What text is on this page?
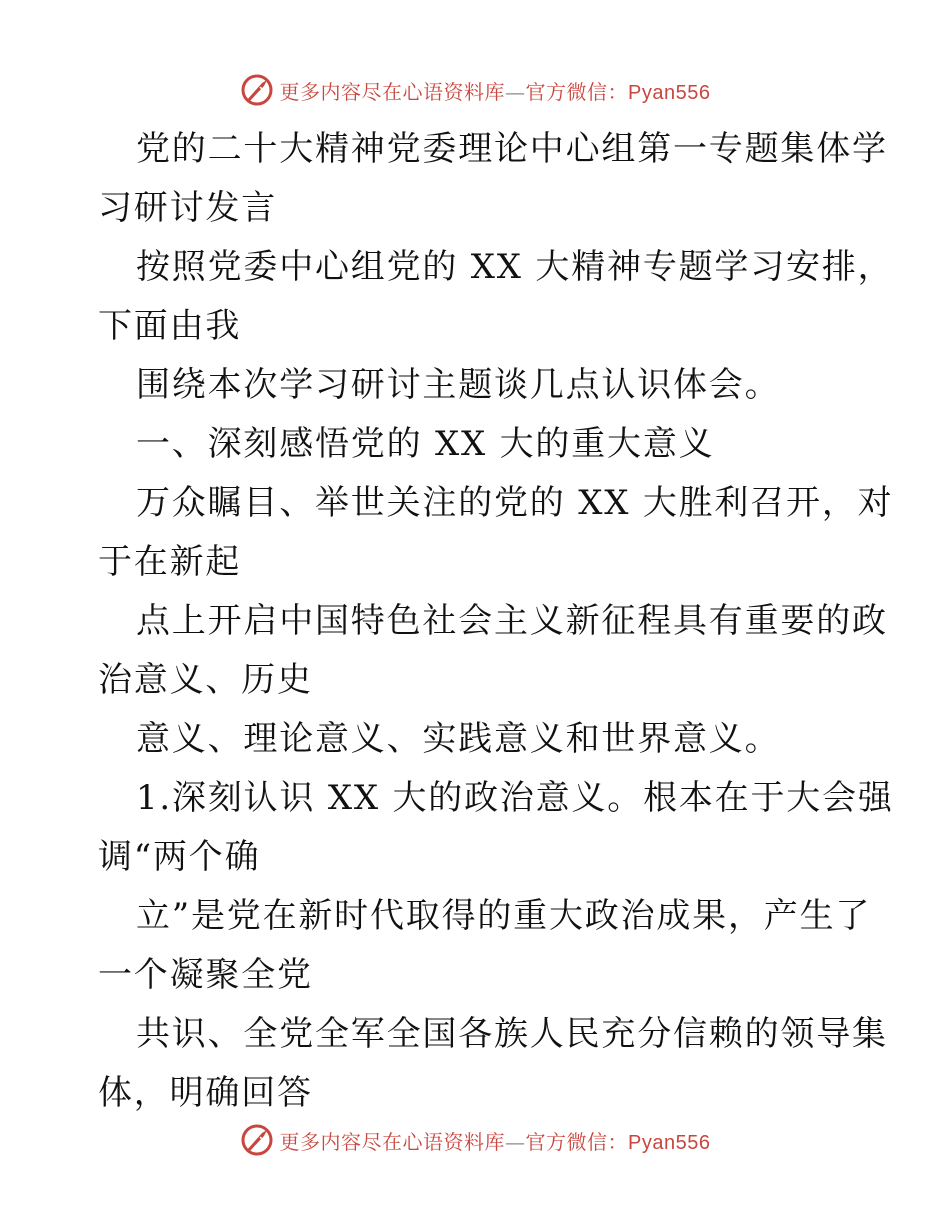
更多内容尽在心语资料库—官方微信：Pyan556
党的二十大精神党委理论中心组第一专题集体学
习研讨发言
按照党委中心组党的 XX 大精神专题学习安排，
下面由我
围绕本次学习研讨主题谈几点认识体会。
一、深刻感悟党的 XX 大的重大意义
万众瞩目、举世关注的党的 XX 大胜利召开，对
于在新起
点上开启中国特色社会主义新征程具有重要的政
治意义、历史
意义、理论意义、实践意义和世界意义。
1.深刻认识 XX 大的政治意义。根本在于大会强
调“两个确
立”是党在新时代取得的重大政治成果，产生了
一个凝聚全党
共识、全党全军全国各族人民充分信赖的领导集
体，明确回答
更多内容尽在心语资料库—官方微信：Pyan556
